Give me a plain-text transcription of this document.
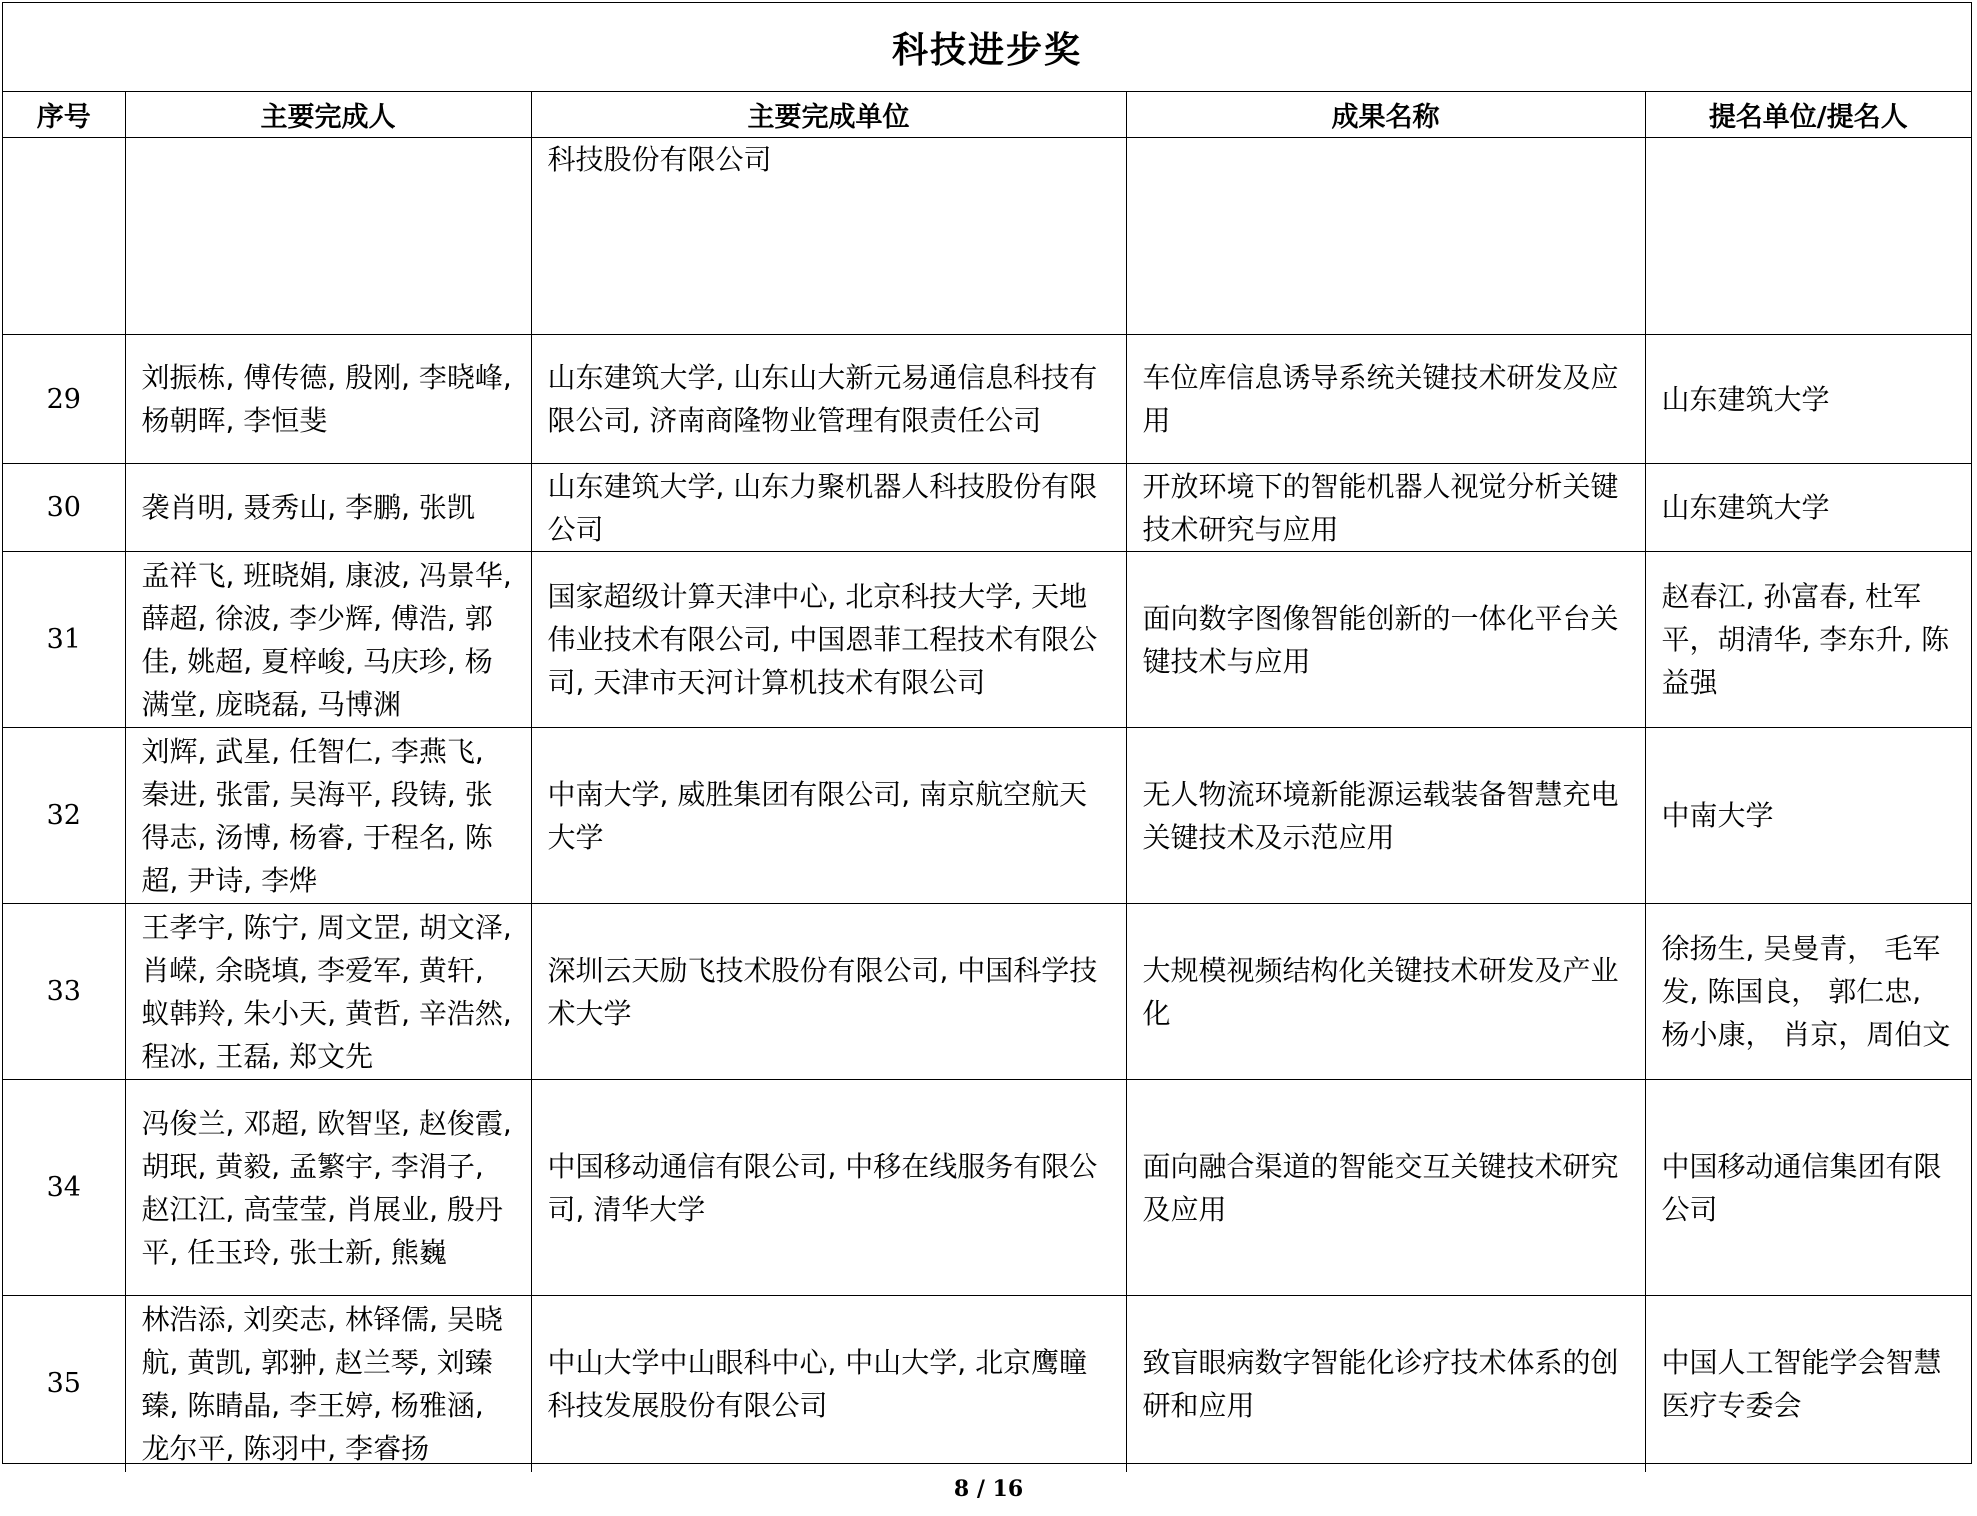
科技进步奖
序号	主要完成人	主要完成单位	成果名称	提名单位/提名人
		科技股份有限公司		
29	刘振栋, 傅传德, 殷刚, 李晓峰, 杨朝晖, 李恒斐	山东建筑大学, 山东山大新元易通信息科技有限公司, 济南商隆物业管理有限责任公司	车位库信息诱导系统关键技术研发及应用	山东建筑大学
30	袭肖明, 聂秀山, 李鹏, 张凯	山东建筑大学, 山东力聚机器人科技股份有限公司	开放环境下的智能机器人视觉分析关键技术研究与应用	山东建筑大学
31	孟祥飞, 班晓娟, 康波, 冯景华, 薛超, 徐波, 李少辉, 傅浩, 郭佳, 姚超, 夏梓峻, 马庆珍, 杨满堂, 庞晓磊, 马博渊	国家超级计算天津中心, 北京科技大学, 天地伟业技术有限公司, 中国恩菲工程技术有限公司, 天津市天河计算机技术有限公司	面向数字图像智能创新的一体化平台关键技术与应用	赵春江, 孙富春, 杜军平，胡清华, 李东升, 陈益强
32	刘辉, 武星, 任智仁, 李燕飞, 秦进, 张雷, 吴海平, 段铸, 张得志, 汤博, 杨睿, 于程名, 陈超, 尹诗, 李烨	中南大学, 威胜集团有限公司, 南京航空航天大学	无人物流环境新能源运载装备智慧充电关键技术及示范应用	中南大学
33	王孝宇, 陈宁, 周文罡, 胡文泽, 肖嵘, 余晓填, 李爱军, 黄轩, 蚁韩羚, 朱小天, 黄哲, 辛浩然, 程冰, 王磊, 郑文先	深圳云天励飞技术股份有限公司, 中国科学技术大学	大规模视频结构化关键技术研发及产业化	徐扬生, 吴曼青， 毛军发, 陈国良， 郭仁忠, 杨小康， 肖京，周伯文
34	冯俊兰, 邓超, 欧智坚, 赵俊霞, 胡珉, 黄毅, 孟繁宇, 李涓子, 赵江江, 高莹莹, 肖展业, 殷丹平, 任玉玲, 张士新, 熊巍	中国移动通信有限公司, 中移在线服务有限公司, 清华大学	面向融合渠道的智能交互关键技术研究及应用	中国移动通信集团有限公司
35	林浩添, 刘奕志, 林铎儒, 吴晓航, 黄凯, 郭翀, 赵兰琴, 刘臻臻, 陈睛晶, 李王婷, 杨雅涵, 龙尔平, 陈羽中, 李睿扬	中山大学中山眼科中心, 中山大学, 北京鹰瞳科技发展股份有限公司	致盲眼病数字智能化诊疗技术体系的创研和应用	中国人工智能学会智慧医疗专委会
8 / 16
